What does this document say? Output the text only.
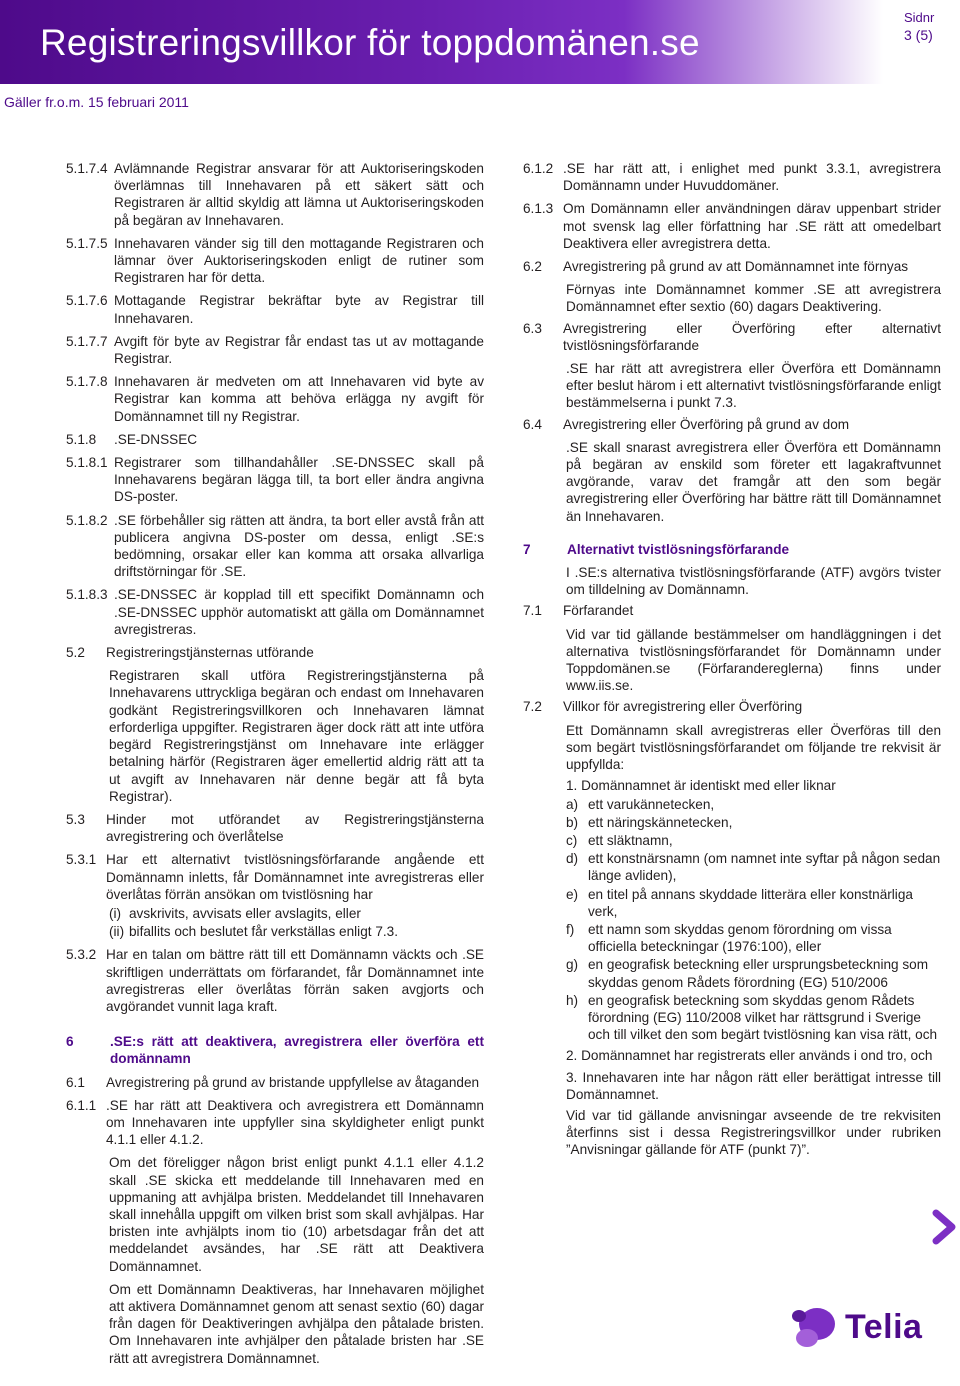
Registreringsvillkor för toppdomänen.se
Sidnr
3 (5)
Gäller fr.o.m. 15 februari 2011
5.1.7.4 Avlämnande Registrar ansvarar för att Auktoriseringskoden överlämnas till Innehavaren på ett säkert sätt och Registraren är alltid skyldig att lämna ut Auktoriseringskoden på begäran av Innehavaren.
5.1.7.5 Innehavaren vänder sig till den mottagande Registraren och lämnar över Auktoriseringskoden enligt de rutiner som Registraren har för detta.
5.1.7.6 Mottagande Registrar bekräftar byte av Registrar till Innehavaren.
5.1.7.7 Avgift för byte av Registrar får endast tas ut av mottagande Registrar.
5.1.7.8 Innehavaren är medveten om att Innehavaren vid byte av Registrar kan komma att behöva erlägga ny avgift för Domännamnet till ny Registrar.
5.1.8	.SE-DNSSEC
5.1.8.1 Registrarer som tillhandahåller .SE-DNSSEC skall på Innehavarens begäran lägga till, ta bort eller ändra angivna DS-poster.
5.1.8.2 .SE förbehåller sig rätten att ändra, ta bort eller avstå från att publicera angivna DS-poster om dessa, enligt .SE:s bedömning, orsakar eller kan komma att orsaka allvarliga driftstörningar för .SE.
5.1.8.3 .SE-DNSSEC är kopplad till ett specifikt Domännamn och .SE-DNSSEC upphör automatiskt att gälla om Domännamnet avregistreras.
5.2	Registreringstjänsternas utförande
Registraren skall utföra Registreringstjänsterna på Innehavarens uttryckliga begäran och endast om Innehavaren godkänt Registreringsvillkoren och Innehavaren lämnat erforderliga uppgifter. Registraren äger dock rätt att inte utföra begärd Registreringstjänst om Innehavare inte erlägger betalning härför (Registraren äger emellertid aldrig rätt att ta ut avgift av Innehavaren när denne begär att få byta Registrar).
5.3	Hinder mot utförandet av Registreringstjänsterna avregistrering och överlåtelse
5.3.1 Har ett alternativt tvistlösningsförfarande angående ett Domännamn inletts, får Domännamnet inte avregistreras eller överlåtas förrän ansökan om tvistlösning har
(i) avskrivits, avvisats eller avslagits, eller
(ii) bifallits och beslutet får verkställas enligt 7.3.
5.3.2 Har en talan om bättre rätt till ett Domännamn väckts och .SE skriftligen underrättats om förfarandet, får Domännamnet inte avregistreras eller överlåtas förrän saken avgjorts och avgörandet vunnit laga kraft.
6	.SE:s rätt att deaktivera, avregistrera eller överföra ett domännamn
6.1	Avregistrering på grund av bristande uppfyllelse av åtaganden
6.1.1 .SE har rätt att Deaktivera och avregistrera ett Domännamn om Innehavaren inte uppfyller sina skyldigheter enligt punkt 4.1.1 eller 4.1.2.
Om det föreligger någon brist enligt punkt 4.1.1 eller 4.1.2 skall .SE skicka ett meddelande till Innehavaren med en uppmaning att avhjälpa bristen. Meddelandet till Innehavaren skall innehålla uppgift om vilken brist som skall avhjälpas. Har bristen inte avhjälpts inom tio (10) arbetsdagar från det att meddelandet avsändes, har .SE rätt att Deaktivera Domännamnet.
Om ett Domännamn Deaktiveras, har Innehavaren möjlighet att aktivera Domännamnet genom att senast sextio (60) dagar från dagen för Deaktiveringen avhjälpa den påtalade bristen. Om Innehavaren inte avhjälper den påtalade bristen har .SE rätt att avregistrera Domännamnet.
6.1.2 .SE har rätt att, i enlighet med punkt 3.3.1, avregistrera Domännamn under Huvuddomäner.
6.1.3 Om Domännamn eller användningen därav uppenbart strider mot svensk lag eller författning har .SE rätt att omedelbart Deaktivera eller avregistrera detta.
6.2	Avregistrering på grund av att Domännamnet inte förnyas
Förnyas inte Domännamnet kommer .SE att avregistrera Domännamnet efter sextio (60) dagars Deaktivering.
6.3	Avregistrering eller Överföring efter alternativt tvistlösningsförfarande
.SE har rätt att avregistrera eller Överföra ett Domännamn efter beslut härom i ett alternativt tvistlösningsförfarande enligt bestämmelserna i punkt 7.3.
6.4	Avregistrering eller Överföring på grund av dom
.SE skall snarast avregistrera eller Överföra ett Domännamn på begäran av enskild som företer ett lagakraftvunnet avgörande, varav det framgår att den som begär avregistrering eller Överföring har bättre rätt till Domännamnet än Innehavaren.
7	Alternativt tvistlösningsförfarande
I .SE:s alternativa tvistlösningsförfarande (ATF) avgörs tvister om tilldelning av Domännamn.
7.1	Förfarandet
Vid var tid gällande bestämmelser om handläggningen i det alternativa tvistlösningsförfarandet för Domännamn under Toppdomänen.se (Förfarandereglerna) finns under www.iis.se.
7.2	Villkor för avregistrering eller Överföring
Ett Domännamn skall avregistreras eller Överföras till den som begärt tvistlösningsförfarandet om följande tre rekvisit är uppfyllda:
1. Domännamnet är identiskt med eller liknar
a) ett varukännetecken,
b) ett näringskännetecken,
c) ett släktnamn,
d) ett konstnärsnamn (om namnet inte syftar på någon sedan länge avliden),
e) en titel på annans skyddade litterära eller konstnärliga verk,
f)	ett namn som skyddas genom förordning om vissa officiella beteckningar (1976:100), eller
g) en geografisk beteckning eller ursprungsbeteckning som skyddas genom Rådets förordning (EG) 510/2006
h) en geografisk beteckning som skyddas genom Rådets förordning (EG) 110/2008 vilket har rättsgrund i Sverige och till vilket den som begärt tvistlösning kan visa rätt, och
2. Domännamnet har registrerats eller används i ond tro, och
3. Innehavaren inte har någon rätt eller berättigat intresse till Domännamnet.
Vid var tid gällande anvisningar avseende de tre rekvisiten återfinns sist i dessa Registreringsvillkor under rubriken ”Anvisningar gällande för ATF (punkt 7)”.
Telia
